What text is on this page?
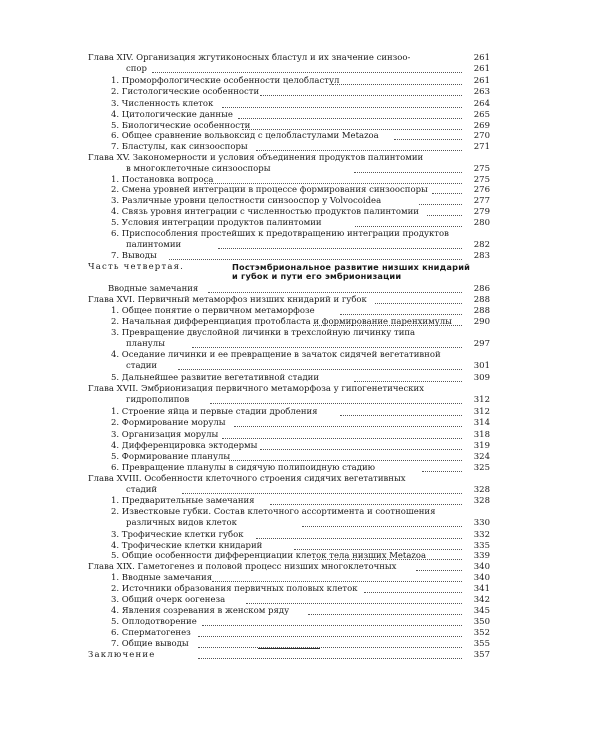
Глава XIV. Организация жгутиконосных бластул и их значение синзоо-	261
спор	261
1. Проморфологические особенности целобластул	261
2. Гистологические особенности	263
3. Численность клеток	264
4. Цитологические данные	265
5. Биологические особенности	269
6. Общее сравнение вольвоксид с целобластулами Metazoa	270
7. Бластулы, как синзооспоры	271
Глава XV. Закономерности и условия объединения продуктов палинтомии
в многоклеточные синзооспоры	275
1. Постановка вопроса	275
2. Смена уровней интеграции в процессе формирования синзооспоры	276
3. Различные уровни целостности синзооспор у Volvocoidea	277
4. Связь уровня интеграции с численностью продуктов палинтомии	279
5. Условия интеграции продуктов палинтомии	280
6. Приспособления простейших к предотвращению интеграции продуктов
палинтомии	282
7. Выводы	283
Часть четвертая.	Постэмбриональное развитие низших книдарий
и губок и пути его эмбрионизации
Вводные замечания	286
Глава XVI. Первичный метаморфоз низших книдарий и губок	288
1. Общее понятие о первичном метаморфозе	288
2. Начальная дифференциация протобласта и формирование паренхимулы	290
3. Превращение двуслойной личинки в трехслойную личинку типа
планулы	297
4. Оседание личинки и ее превращение в зачаток сидячей вегетативной
стадии	301
5. Дальнейшее развитие вегетативной стадии	309
Глава XVII. Эмбрионизация первичного метаморфоза у гипогенетических
гидрополипов	312
1. Строение яйца и первые стадии дробления	312
2. Формирование морулы	314
3. Организация морулы	318
4. Дифференцировка эктодермы	319
5. Формирование планулы	324
6. Превращение планулы в сидячую полипоидную стадию	325
Глава XVIII. Особенности клеточного строения сидячих вегетативных
стадий	328
1. Предварительные замечания	328
2. Известковые губки. Состав клеточного ассортимента и соотношения
различных видов клеток	330
3. Трофические клетки губок	332
4. Трофические клетки книдарий	335
5. Общие особенности дифференциации клеток тела низших Metazoa	339
Глава XIX. Гаметогенез и половой процесс низших многоклеточных	340
1. Вводные замечания	340
2. Источники образования первичных половых клеток	341
3. Общий очерк оогенеза	342
4. Явления созревания в женском ряду	345
5. Оплодотворение	350
6. Сперматогенез	352
7. Общие выводы	355
Заключение	357
